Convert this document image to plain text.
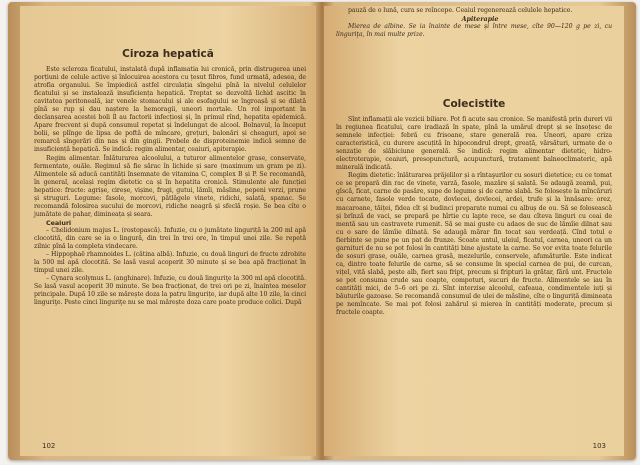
Ciroza hepatică

Este scleroza ficatului, instalată după inflamatia lui cronică, prin distrugerea unei porțiuni de celule active și înlocuirea acestora cu țesut fibros, fund urmată, adesea, de atrofia organului. Se împiedică astfel circulația sîngelui pînă la nivelul celulelor ficatului și se instalează insuficiența hepatică. Treptat se dezvoltă lichid ascitic în cavitatea peritoneală, iar venele stomacului și ale esofagului se îngroașă și se dilată pînă se rup și dau naștere la hemoragii, uneori mortale. Un rol important în declanșarea acestei boli îl au factorii infecțioși și, în primul rînd, hepatita epidemică. Apare frecvent și după consumul repetat și îndelungat de alcool. Bolnavul, la început bolii, se plînge de lipsa de poftă de mîncare, grețuri, balonări și cheaguri, apoi se remarcă sîngerări din nas și din gingii. Probele de disproteinemie indică semne de insuficiență hepatică. Se indică: regim alimentar, ceaiuri, apiterapie.

Regim alimentar. Înlăturarea alcoolului, a tuturor alimentelor grase, conservate, fermentate, ouăle. Regimul să fie sărac în lichide și sare (maximum un gram pe zi). Alimentele să aducă cantități însemnate de vitamina C, complex B și P. Se recomandă, în general, același regim dietetic ca și în hepatita cronică. Stimulente ale funcției hepatice: fructe: agrișe, cireșe, vișine, frugi, gutui, lămîi, mășline, pepeni verzi, prune și struguri. Legume: fasole, morcovi, pătlăgele vinete, ridichi, salată, spanac. Se recomandă folosirea sucului de morcovi, ridiche neagră și sfeclă roșie. Se bea cîte o jumătate de pahar, dimineața și seara.

Ceaiuri

– Chelidonium majus L. (rostopască). Infuzie, cu o jumătate linguriță la 200 ml apă clocotită, din care se ia o lingură, din trei în trei ore, în timpul unei zile. Se repetă zilnic pînă la completa vindecare.

– Hippophaë rhamnoides L. (cătina albă). Infuzie, cu două linguri de fructe zdrobite la 500 ml apă clocotită. Se lasă vasul acoperit 30 minute și se bea apă fracționat în timpul unei zile.

– Cynara scolymus L. (anghinare). Infuzie, cu două linguriţe la 300 ml apă clocotită. Se lasă vasul acoperit 30 minute. Se bea fracționat, de trei ori pe zi, înaintea meselor principale. După 10 zile se mărește doza la patru lingurițe, iar după alte 10 zile, la cinci linguriţe. Peste cinci linguriţe nu se mai mărește doza care poate produce colici. După

102

pauză de o lună, cura se reîncepe. Ceaiul regenerează celulele hepatice.

Apiterapie

Mierea de albine. Se ia înainte de mese și între mese, cîte 90—120 g pe zi, cu linguriţa, în mai multe prize.

Colecistite

Sînt inflamații ale vezicii biliare. Pot fi acute sau cronice. Se manifestă prin dureri vii în regiunea ficatului, care iradiază în spate, pînă la umărul drept și se însoțesc de semnele infecției: febră cu frisoane, stare generală rea. Uneori, apare criza caracteristică, cu durere ascuțită în hipocondrul drept, greață, vărsături, urmate de o senzație de slăbiciune generală. Se indică: regim alimentar dietetic, hidro-electroterapie, ceaiuri, presopunctură, acupunctură, tratament balneoclimateric, apă minerală indicată.

Regim dietetic: înlăturarea prăjelilor și a rîntaşurilor cu sosuri dietetice; cu ce tomat ce se prepară din rac de vinete, varză, fasole, mazăre și salată. Se adaugă zeamă, pui, gîscă, ficat, carne de pasăre, supe de legume și de carne slabă. Se folosește la mîncăruri cu carnete, fasole verde tocate, dovlecei, dovlecei, ardei, trufe și la înnăsare: orez, macaroane, tăiței, fidea cît și budinci preparate numai cu albuș de ou. Să se folosească și brînză de vaci, se prepară pe hîrtie cu lapte rece, se dau cîteva linguri cu ceai de mentă sau un castravete rumenit. Să se mai guste cu adaos de suc de lămîie dilnat sau cu o sare de lămîie dilnată. Se adaugă mărar fin tocat sau verdeață. Cînd totul e fierbinte se pune pe un pat de frunze. Scoate untul, uleiul, ficatul, carnea, uneori ca un garnituri de nu se pot folosi în cantități bine ajustate la carne. Se vor evita toate felurile de sosuri grase, ouăle, carnea grasă, mezelurile, conservele, afumăturile. Este indicat ca, dintre toate felurile de carne, să se consume în special carnea de pui, de curcan, vițel, vită slabă, pește alb, fiert sau fript, precum și fripturi la grătar, fără unt. Fructele se pot consuma crude sau coapte, compoturi, sucuri de fructe. Alimentele se iau în cantități mici, de 5–6 ori pe zi. Sînt interzise alcoolul, cafeaua, condimentele iuți și băuturile gazoase. Se recomandă consumul de ulei de măsline, cîte o linguriță dimineața pe nemîncate. Se mai pot folosi zahărul și mierea în cantități moderate, precum și fructele coapte.

103
